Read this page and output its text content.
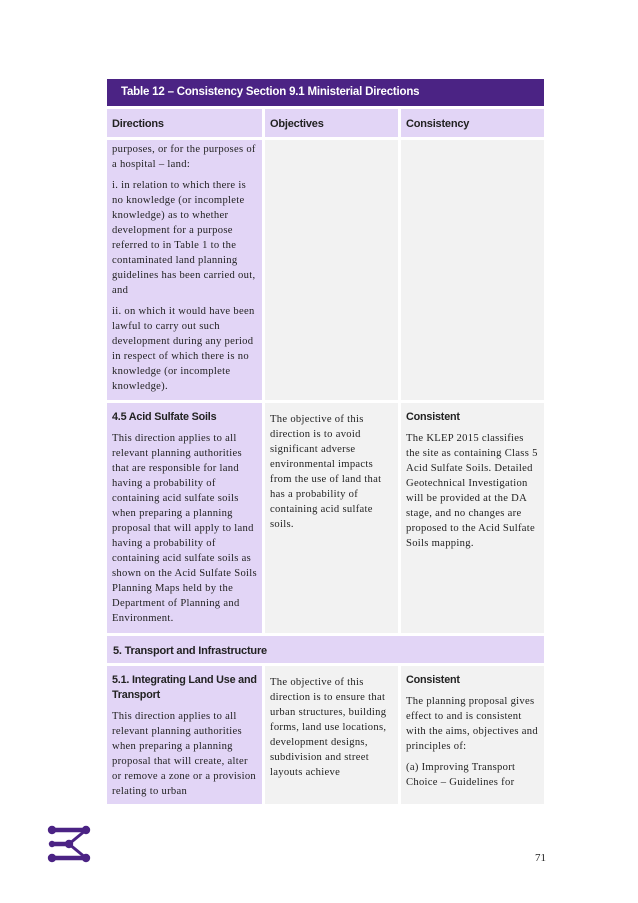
Table 12 – Consistency Section 9.1 Ministerial Directions
Directions	Objectives	Consistency

purposes, or for the purposes of a hospital – land:

i. in relation to which there is no knowledge (or incomplete knowledge) as to whether development for a purpose referred to in Table 1 to the contaminated land planning guidelines has been carried out, and

ii. on which it would have been lawful to carry out such development during any period in respect of which there is no knowledge (or incomplete knowledge).

4.5 Acid Sulfate Soils

This direction applies to all relevant planning authorities that are responsible for land having a probability of containing acid sulfate soils when preparing a planning proposal that will apply to land having a probability of containing acid sulfate soils as shown on the Acid Sulfate Soils Planning Maps held by the Department of Planning and Environment.

The objective of this direction is to avoid significant adverse environmental impacts from the use of land that has a probability of containing acid sulfate soils.

Consistent

The KLEP 2015 classifies the site as containing Class 5 Acid Sulfate Soils. Detailed Geotechnical Investigation will be provided at the DA stage, and no changes are proposed to the Acid Sulfate Soils mapping.

5. Transport and Infrastructure
5.1. Integrating Land Use and Transport

This direction applies to all relevant planning authorities when preparing a planning proposal that will create, alter or remove a zone or a provision relating to urban

The objective of this direction is to ensure that urban structures, building forms, land use locations, development designs, subdivision and street layouts achieve

Consistent

The planning proposal gives effect to and is consistent with the aims, objectives and principles of:

(a) Improving Transport Choice – Guidelines for

71
